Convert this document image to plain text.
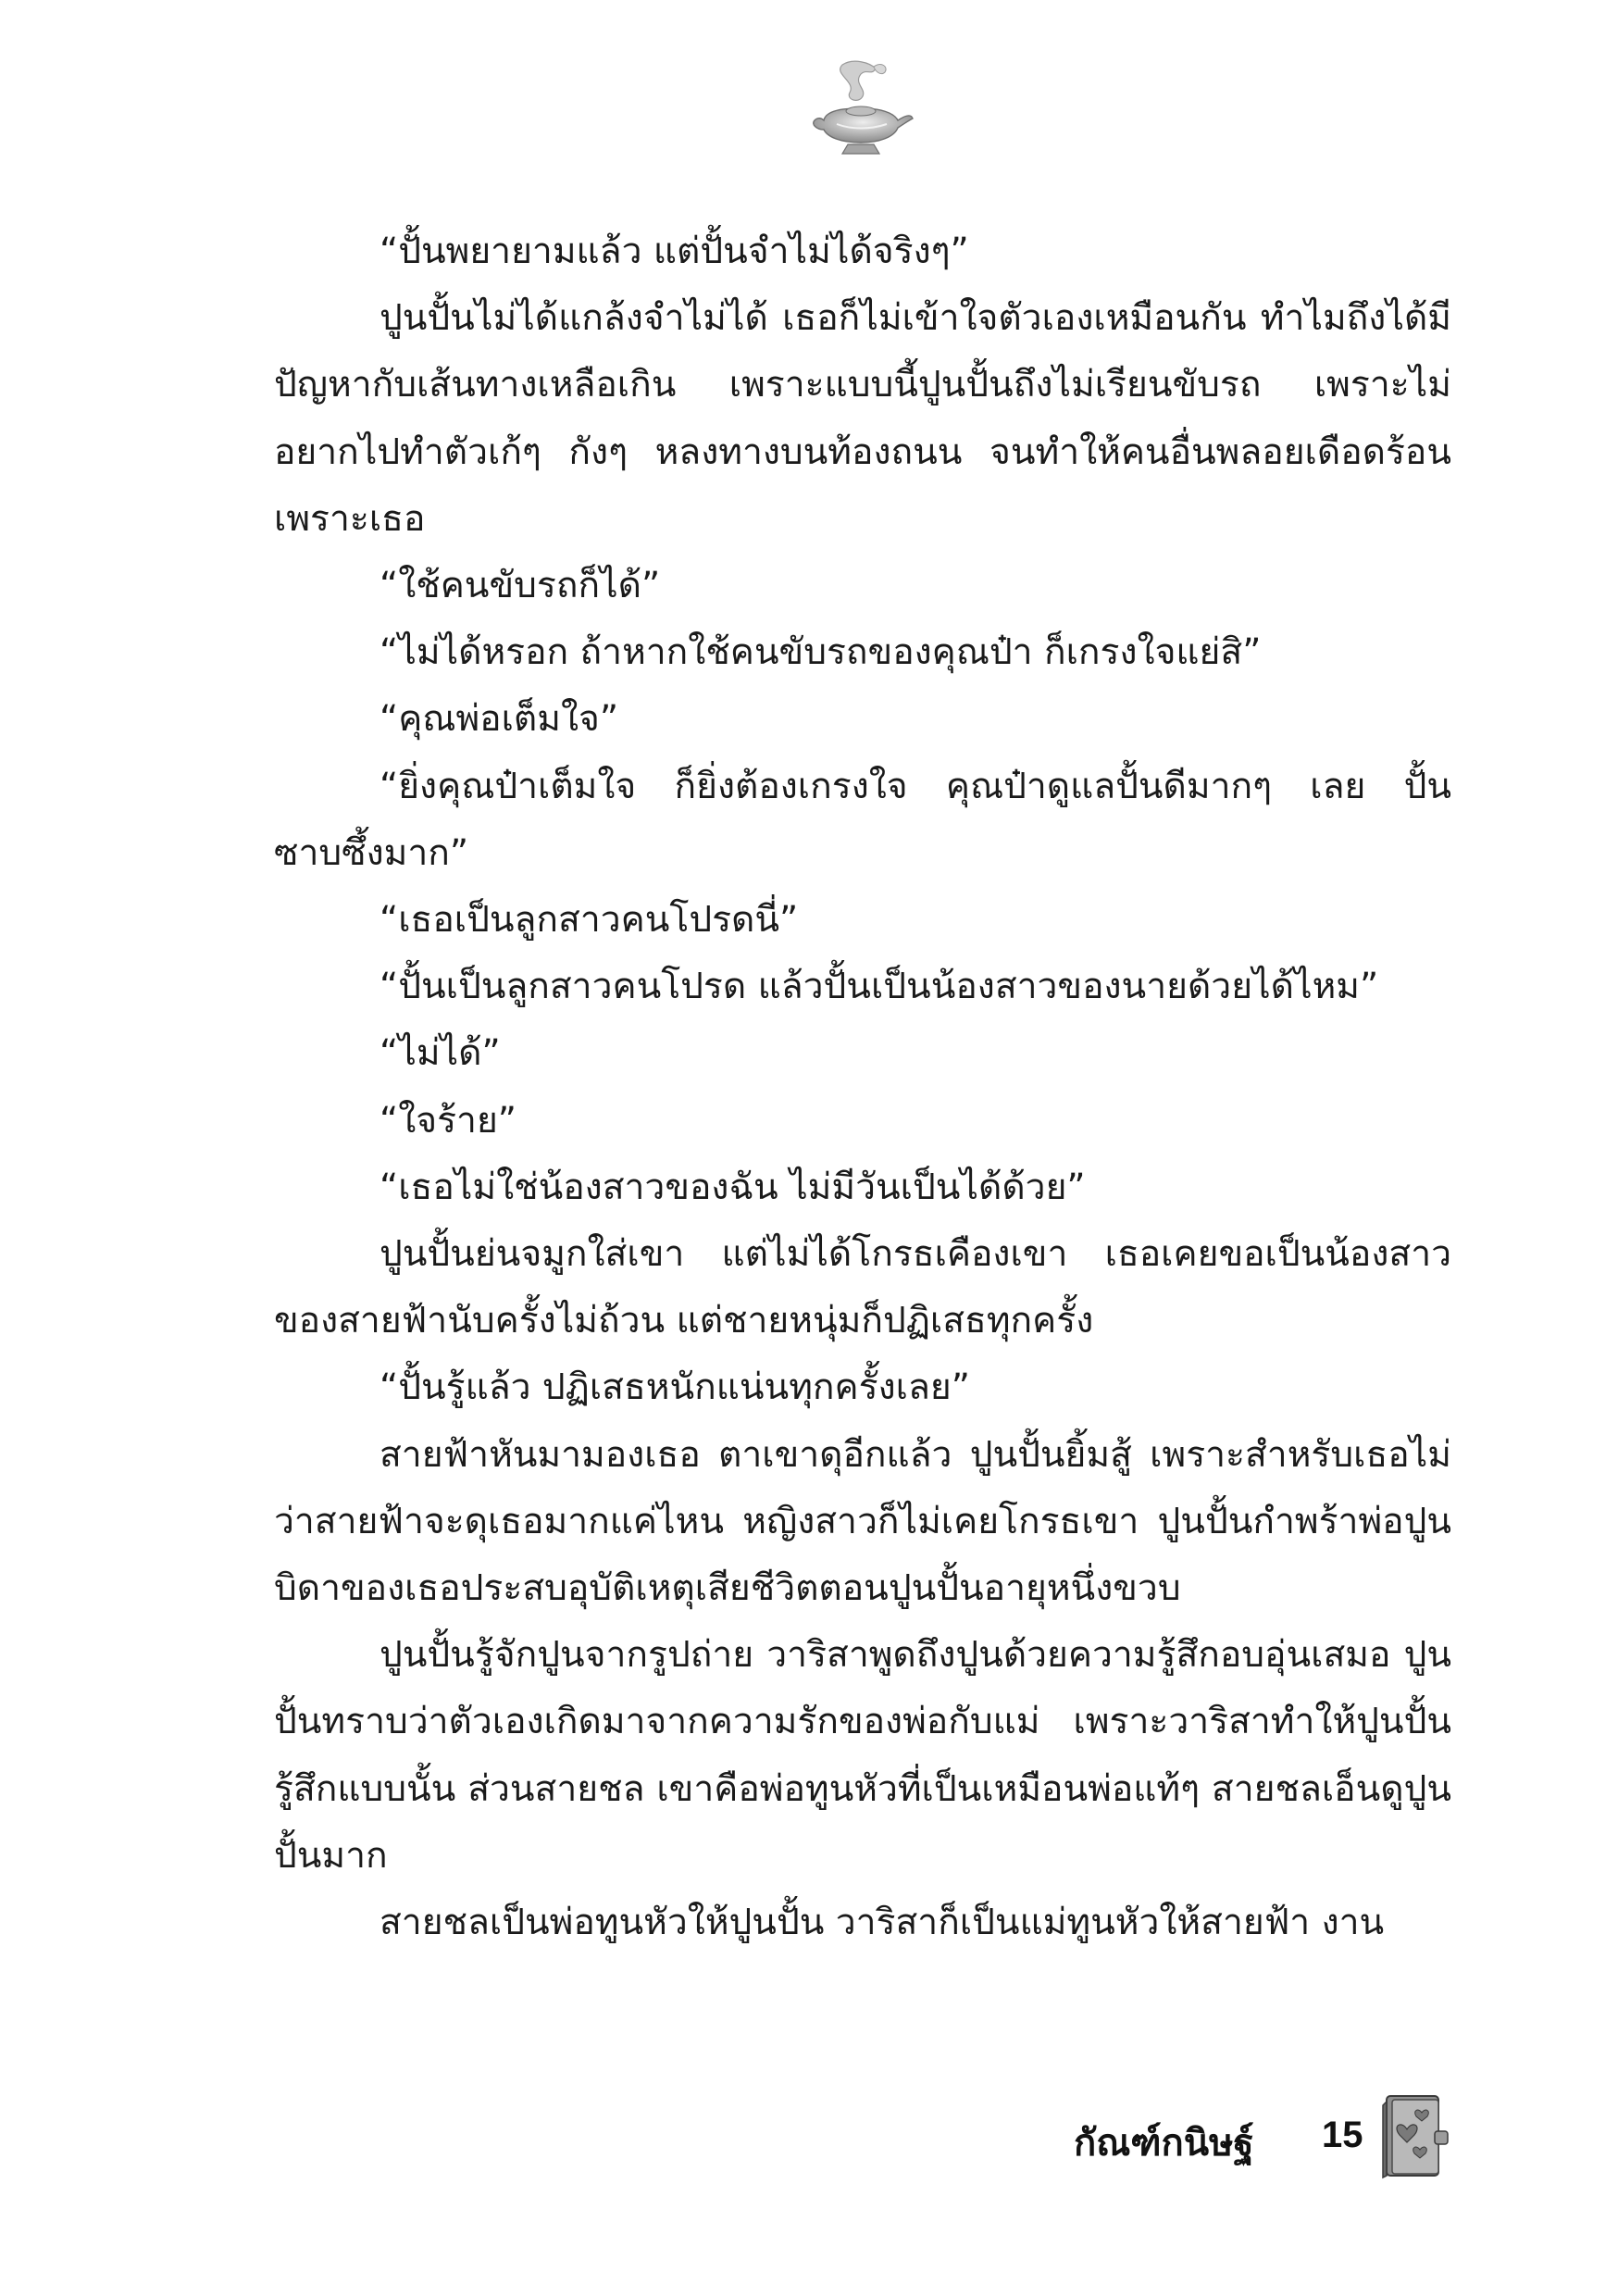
“ปั้นพยายามแล้ว แต่ปั้นจำไม่ได้จริงๆ”

ปูนปั้นไม่ได้แกล้งจำไม่ได้ เธอก็ไม่เข้าใจตัวเองเหมือนกัน ทำไมถึงได้มีปัญหากับเส้นทางเหลือเกิน เพราะแบบนี้ปูนปั้นถึงไม่เรียนขับรถ เพราะไม่อยากไปทำตัวเก้ๆ กังๆ หลงทางบนท้องถนน จนทำให้คนอื่นพลอยเดือดร้อนเพราะเธอ

“ใช้คนขับรถก็ได้”

“ไม่ได้หรอก ถ้าหากใช้คนขับรถของคุณป๋า ก็เกรงใจแย่สิ”

“คุณพ่อเต็มใจ”

“ยิ่งคุณป๋าเต็มใจ ก็ยิ่งต้องเกรงใจ คุณป๋าดูแลปั้นดีมากๆ เลย ปั้นซาบซึ้งมาก”

“เธอเป็นลูกสาวคนโปรดนี่”

“ปั้นเป็นลูกสาวคนโปรด แล้วปั้นเป็นน้องสาวของนายด้วยได้ไหม”

“ไม่ได้”

“ใจร้าย”

“เธอไม่ใช่น้องสาวของฉัน ไม่มีวันเป็นได้ด้วย”

ปูนปั้นย่นจมูกใส่เขา แต่ไม่ได้โกรธเคืองเขา เธอเคยขอเป็นน้องสาวของสายฟ้านับครั้งไม่ถ้วน แต่ชายหนุ่มก็ปฏิเสธทุกครั้ง

“ปั้นรู้แล้ว ปฏิเสธหนักแน่นทุกครั้งเลย”

สายฟ้าหันมามองเธอ ตาเขาดุอีกแล้ว ปูนปั้นยิ้มสู้ เพราะสำหรับเธอไม่ว่าสายฟ้าจะดุเธอมากแค่ไหน หญิงสาวก็ไม่เคยโกรธเขา ปูนปั้นกำพร้าพ่อปูน บิดาของเธอประสบอุบัติเหตุเสียชีวิตตอนปูนปั้นอายุหนึ่งขวบ

ปูนปั้นรู้จักปูนจากรูปถ่าย วาริสาพูดถึงปูนด้วยความรู้สึกอบอุ่นเสมอ ปูนปั้นทราบว่าตัวเองเกิดมาจากความรักของพ่อกับแม่ เพราะวาริสาทำให้ปูนปั้นรู้สึกแบบนั้น ส่วนสายชล เขาคือพ่อทูนหัวที่เป็นเหมือนพ่อแท้ๆ สายชลเอ็นดูปูนปั้นมาก

สายชลเป็นพ่อทูนหัวให้ปูนปั้น วาริสาก็เป็นแม่ทูนหัวให้สายฟ้า งาน

กัณฑ์กนิษฐ์ 15
